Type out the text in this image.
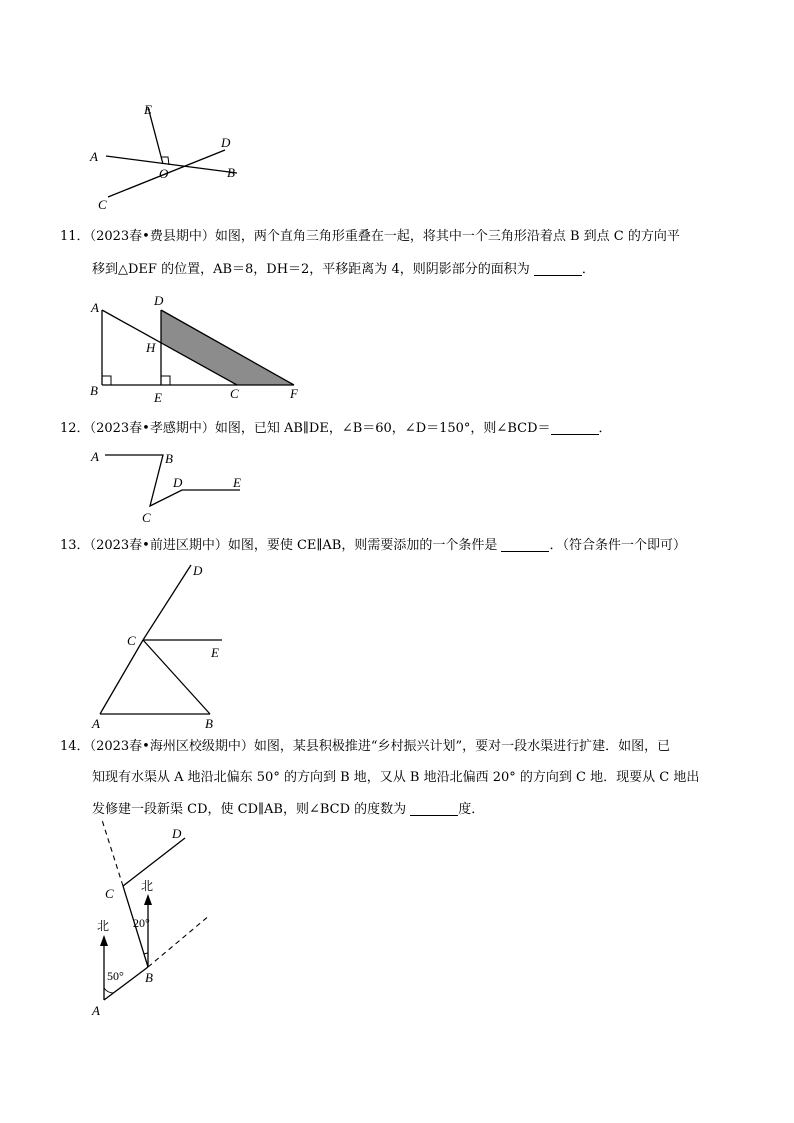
E
D
A
O	B
C

11．（2023春•费县期中）如图，两个直角三角形重叠在一起，将其中一个三角形沿着点 B 到点 C 的方向平

移到△DEF 的位置，AB＝8，DH＝2，平移距离为 4，则阴影部分的面积为	．

A	D
H
B	E	C	F

12．（2023春•孝感期中）如图，已知 AB∥DE，∠B＝60，∠D＝150°，则∠BCD＝	．

A	B
D	E
C

13．（2023春•前进区期中）如图，要使 CE∥AB，则需要添加的一个条件是	．（符合条件一个即可）

D
C
E
A	B

14．（2023春•海州区校级期中）如图，某县积极推进“乡村振兴计划”，要对一段水渠进行扩建．如图，已

知现有水渠从 A 地沿北偏东 50° 的方向到 B 地，又从 B 地沿北偏西 20° 的方向到 C 地．现要从 C 地出

发修建一段新渠 CD，使 CD∥AB，则∠BCD 的度数为	度．

D
C 北
20°
北
50° B
A
